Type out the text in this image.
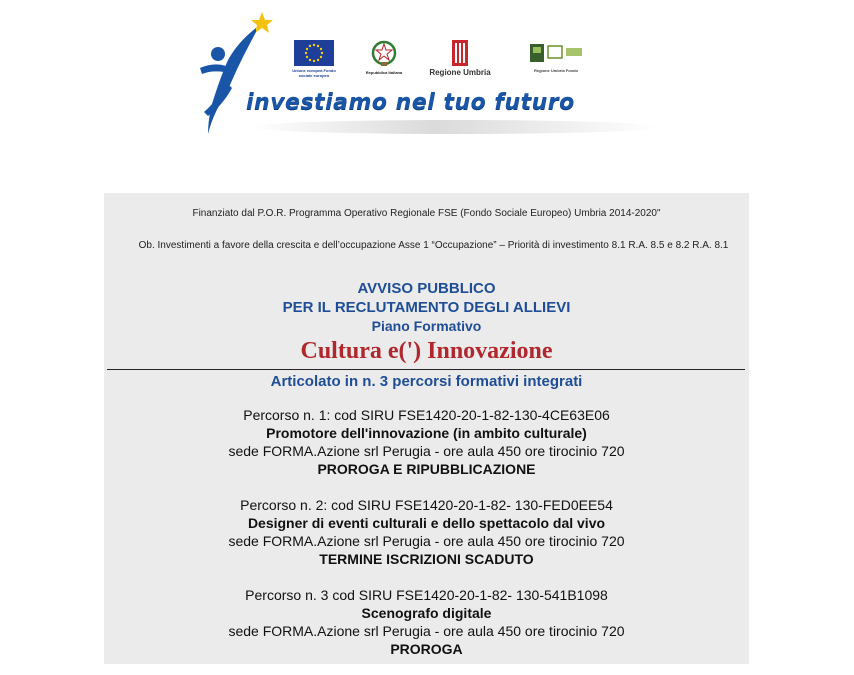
Unione europea Fondo sociale europeo
Repubblica Italiana	Regione Umbria	Regione Umbria Fondo
investiamo nel tuo futuro
Finanziato dal P.O.R. Programma Operativo Regionale FSE (Fondo Sociale Europeo) Umbria 2014-2020"
Ob. Investimenti a favore della crescita e dell’occupazione Asse 1 “Occupazione” – Priorità di investimento 8.1 R.A. 8.5 e 8.2 R.A. 8.1
AVVISO PUBBLICO
PER IL RECLUTAMENTO DEGLI ALLIEVI
Piano Formativo
Cultura e(') Innovazione
Articolato in n. 3 percorsi formativi integrati
Percorso n. 1: cod SIRU FSE1420-20-1-82-130-4CE63E06
Promotore dell'innovazione (in ambito culturale)
sede FORMA.Azione srl Perugia - ore aula 450 ore tirocinio 720
PROROGA E RIPUBBLICAZIONE
Percorso n. 2: cod SIRU FSE1420-20-1-82- 130-FED0EE54
Designer di eventi culturali e dello spettacolo dal vivo
sede FORMA.Azione srl Perugia - ore aula 450 ore tirocinio 720
TERMINE ISCRIZIONI SCADUTO
Percorso n. 3 cod SIRU FSE1420-20-1-82- 130-541B1098
Scenografo digitale
sede FORMA.Azione srl Perugia - ore aula 450 ore tirocinio 720
PROROGA
